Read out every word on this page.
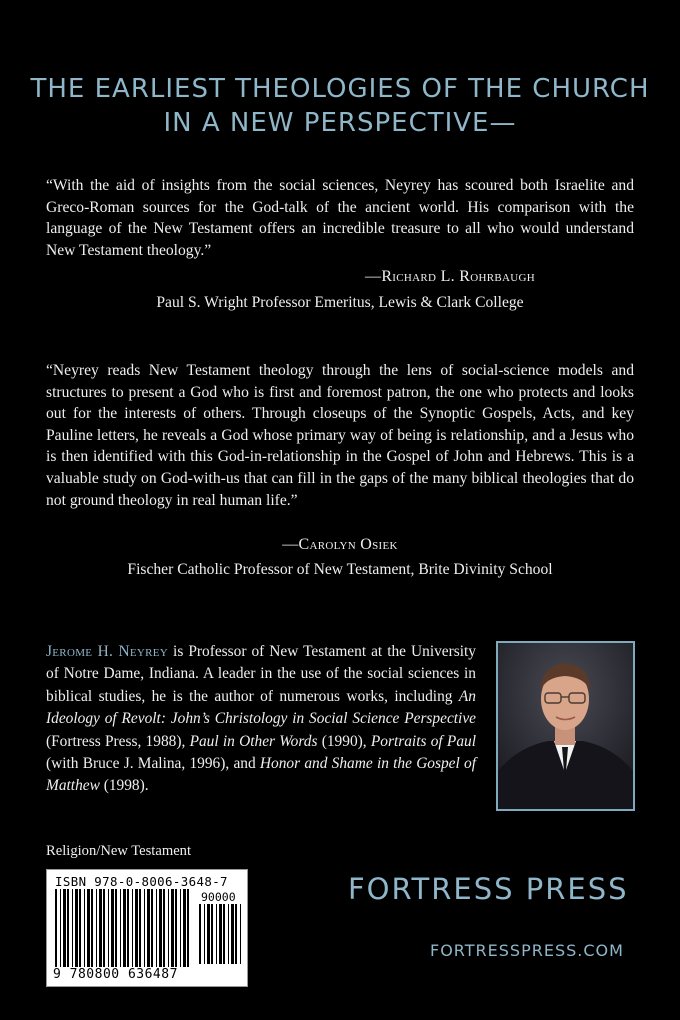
THE EARLIEST THEOLOGIES OF THE CHURCH
IN A NEW PERSPECTIVE—

“With the aid of insights from the social sciences, Neyrey has scoured both Israelite and Greco-Roman sources for the God-talk of the ancient world. His comparison with the language of the New Testament offers an incredible treasure to all who would understand New Testament theology.”

—Richard L. Rohrbaugh
Paul S. Wright Professor Emeritus, Lewis & Clark College

“Neyrey reads New Testament theology through the lens of social-science models and structures to present a God who is first and foremost patron, the one who protects and looks out for the interests of others. Through closeups of the Synoptic Gospels, Acts, and key Pauline letters, he reveals a God whose primary way of being is relationship, and a Jesus who is then identified with this God-in-relationship in the Gospel of John and Hebrews. This is a valuable study on God-with-us that can fill in the gaps of the many biblical theologies that do not ground theology in real human life.”

—Carolyn Osiek
Fischer Catholic Professor of New Testament, Brite Divinity School

Jerome H. Neyrey is Professor of New Testament at the University of Notre Dame, Indiana. A leader in the use of the social sciences in biblical studies, he is the author of numerous works, including An Ideology of Revolt: John’s Christology in Social Science Perspective (Fortress Press, 1988), Paul in Other Words (1990), Portraits of Paul (with Bruce J. Malina, 1996), and Honor and Shame in the Gospel of Matthew (1998).

Religion/New Testament
ISBN 978-0-8006-3648-7
90000
9 780800 636487
FORTRESS PRESS
FORTRESSPRESS.COM
